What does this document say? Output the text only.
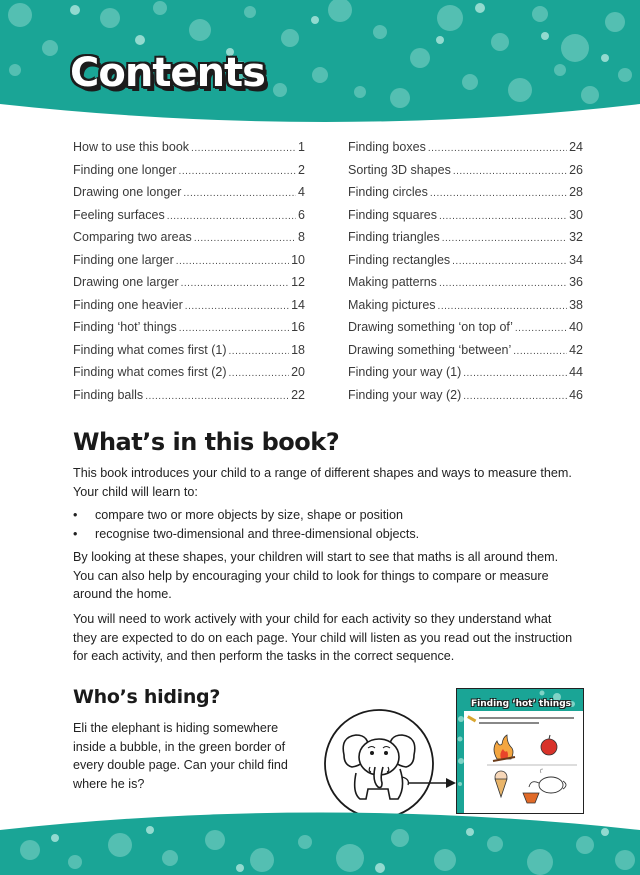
Contents
How to use this book .....	1
Finding one longer .....	2
Drawing one longer .....	4
Feeling surfaces .....	6
Comparing two areas .....	8
Finding one larger .....	10
Drawing one larger .....	12
Finding one heavier .....	14
Finding ‘hot’ things .....	16
Finding what comes first (1) .....	18
Finding what comes first (2) .....	20
Finding balls .....	22
Finding boxes .....	24
Sorting 3D shapes .....	26
Finding circles .....	28
Finding squares .....	30
Finding triangles .....	32
Finding rectangles .....	34
Making patterns .....	36
Making pictures .....	38
Drawing something ‘on top of’ .....	40
Drawing something ‘between’ .....	42
Finding your way (1) .....	44
Finding your way (2) .....	46
What’s in this book?

This book introduces your child to a range of different shapes and ways to measure them. Your child will learn to:

• compare two or more objects by size, shape or position
• recognise two-dimensional and three-dimensional objects.

By looking at these shapes, your children will start to see that maths is all around them. You can also help by encouraging your child to look for things to compare or measure around the home.

You will need to work actively with your child for each activity so they understand what they are expected to do on each page. Your child will listen as you read out the instruction for each activity, and then perform the tasks in the correct sequence.

Who’s hiding?

Eli the elephant is hiding somewhere inside a bubble, in the green border of every double page. Can your child find where he is?

Finding ‘hot’ things
